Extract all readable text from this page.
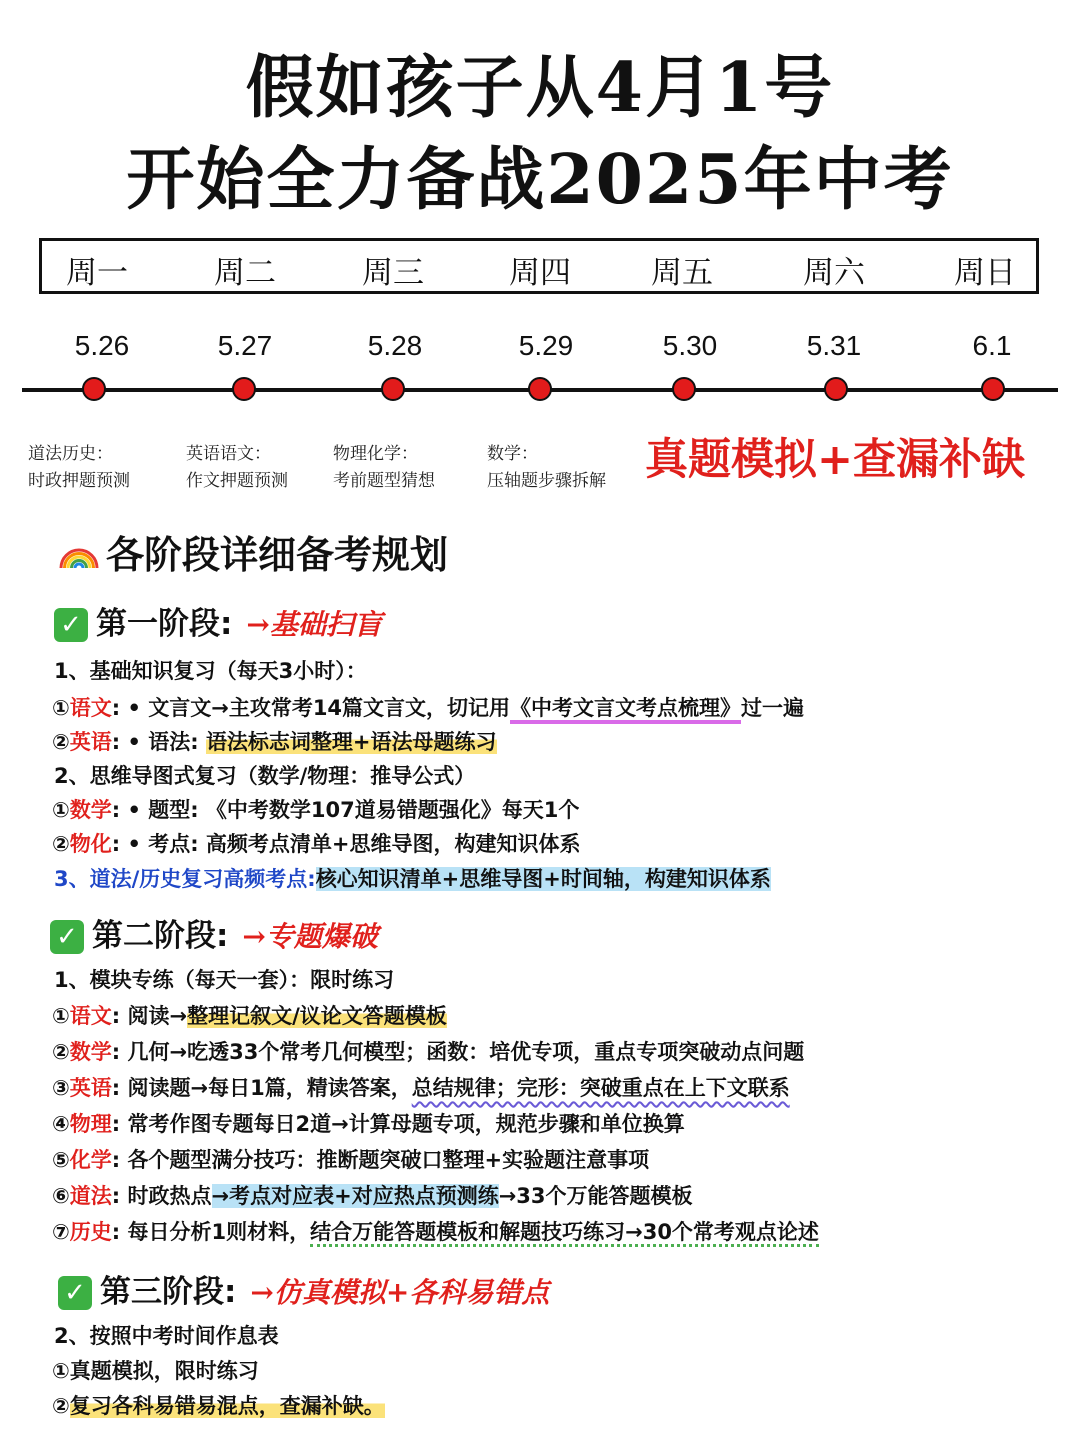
假如孩子从4月1号
开始全力备战2025年中考
周一	周二	周三	周四	周五	周六	周日
5.26	5.27	5.28	5.29	5.30	5.31	6.1
道法历史：
时政押题预测
英语语文：
作文押题预测
物理化学：
考前题型猜想
数学：
压轴题步骤拆解 真题模拟+查漏补缺
各阶段详细备考规划
✓ 第一阶段: →基础扫盲
1、基础知识复习（每天3小时）：
①语文: • 文言文→主攻常考14篇文言文，切记用《中考文言文考点梳理》过一遍
②英语: • 语法: 语法标志词整理+语法母题练习
2、思维导图式复习（数学/物理：推导公式）
①数学: • 题型: 《中考数学107道易错题强化》每天1个
②物化: • 考点: 高频考点清单+思维导图，构建知识体系
3、道法/历史复习高频考点:核心知识清单+思维导图+时间轴，构建知识体系
✓ 第二阶段: →专题爆破
1、模块专练（每天一套）：限时练习
①语文: 阅读→整理记叙文/议论文答题模板
②数学: 几何→吃透33个常考几何模型；函数：培优专项，重点专项突破动点问题
③英语: 阅读题→每日1篇，精读答案，总结规律；完形：突破重点在上下文联系
④物理: 常考作图专题每日2道→计算母题专项，规范步骤和单位换算
⑤化学: 各个题型满分技巧：推断题突破口整理+实验题注意事项
⑥道法: 时政热点→考点对应表+对应热点预测练→33个万能答题模板
⑦历史: 每日分析1则材料，结合万能答题模板和解题技巧练习→30个常考观点论述
✓ 第三阶段: →仿真模拟+各科易错点
2、按照中考时间作息表
①真题模拟，限时练习
②复习各科易错易混点，查漏补缺。
